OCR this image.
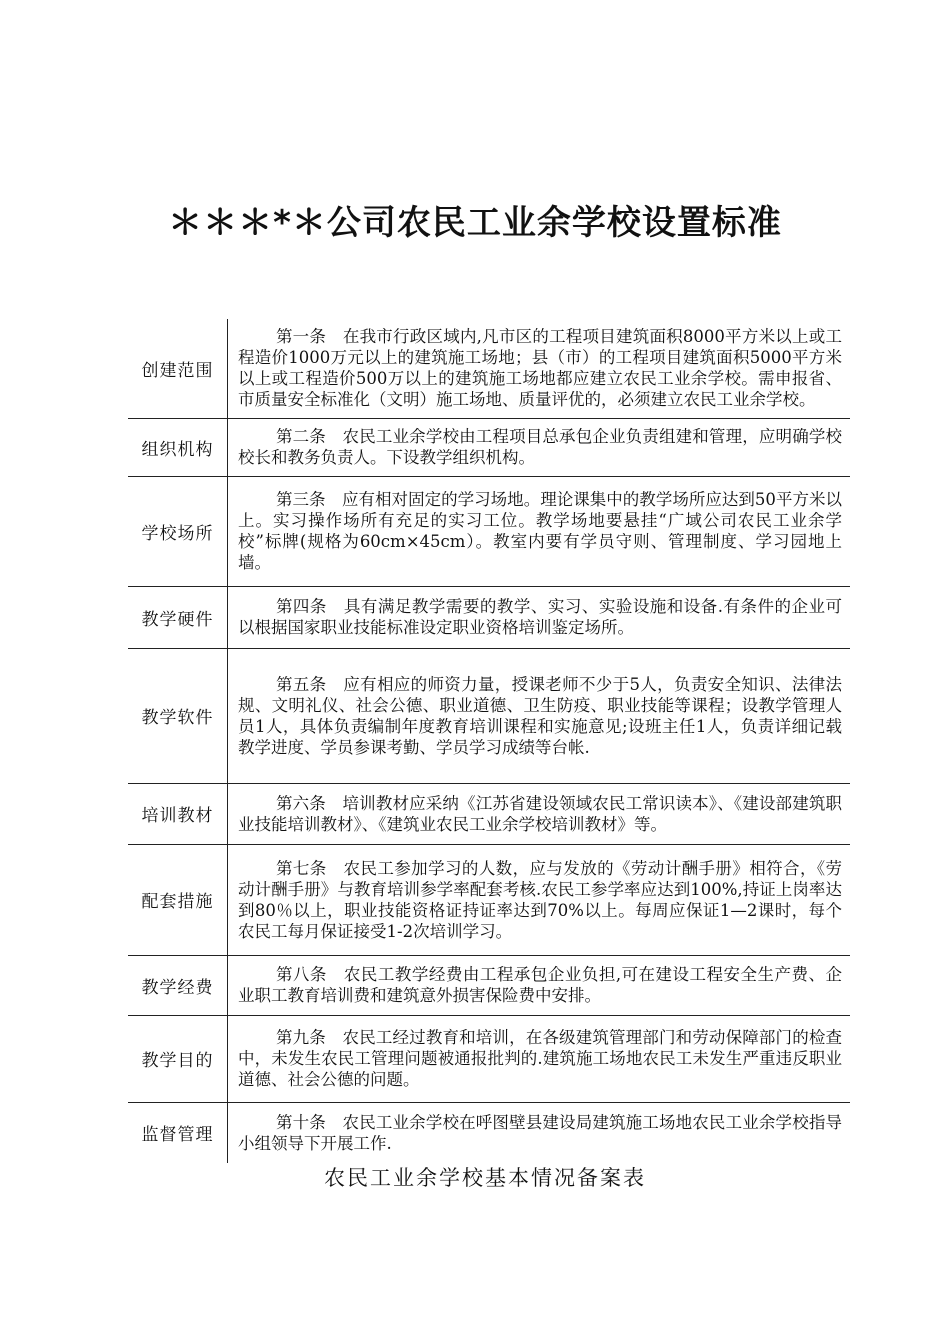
＊＊＊*＊公司农民工业余学校设置标准
创建范围	第一条　在我市行政区域内,凡市区的工程项目建筑面积8000平方米以上或工程造价1000万元以上的建筑施工场地；县（市）的工程项目建筑面积5000平方米以上或工程造价500万以上的建筑施工场地都应建立农民工业余学校。需申报省、市质量安全标准化（文明）施工场地、质量评优的，必须建立农民工业余学校。

组织机构	第二条　农民工业余学校由工程项目总承包企业负责组建和管理，应明确学校校长和教务负责人。下设教学组织机构。

学校场所	第三条　应有相对固定的学习场地。理论课集中的教学场所应达到50平方米以上。实习操作场所有充足的实习工位。教学场地要悬挂“广域公司农民工业余学校”标牌(规格为60cm×45cm）。教室内要有学员守则、管理制度、学习园地上墙。

教学硬件	第四条　具有满足教学需要的教学、实习、实验设施和设备.有条件的企业可以根据国家职业技能标准设定职业资格培训鉴定场所。

教学软件	第五条　应有相应的师资力量，授课老师不少于5人，负责安全知识、法律法规、文明礼仪、社会公德、职业道德、卫生防疫、职业技能等课程；设教学管理人员1人，具体负责编制年度教育培训课程和实施意见;设班主任1人，负责详细记载教学进度、学员参课考勤、学员学习成绩等台帐.

培训教材	第六条　培训教材应采纳《江苏省建设领域农民工常识读本》、《建设部建筑职业技能培训教材》、《建筑业农民工业余学校培训教材》等。

配套措施	第七条　农民工参加学习的人数，应与发放的《劳动计酬手册》相符合，《劳动计酬手册》与教育培训参学率配套考核.农民工参学率应达到100%,持证上岗率达到80％以上，职业技能资格证持证率达到70%以上。每周应保证1—2课时，每个农民工每月保证接受1-2次培训学习。

教学经费	第八条　农民工教学经费由工程承包企业负担,可在建设工程安全生产费、企业职工教育培训费和建筑意外损害保险费中安排。

教学目的	第九条　农民工经过教育和培训，在各级建筑管理部门和劳动保障部门的检查中，未发生农民工管理问题被通报批判的.建筑施工场地农民工未发生严重违反职业道德、社会公德的问题。

监督管理	第十条　农民工业余学校在呼图壁县建设局建筑施工场地农民工业余学校指导小组领导下开展工作.
农民工业余学校基本情况备案表
